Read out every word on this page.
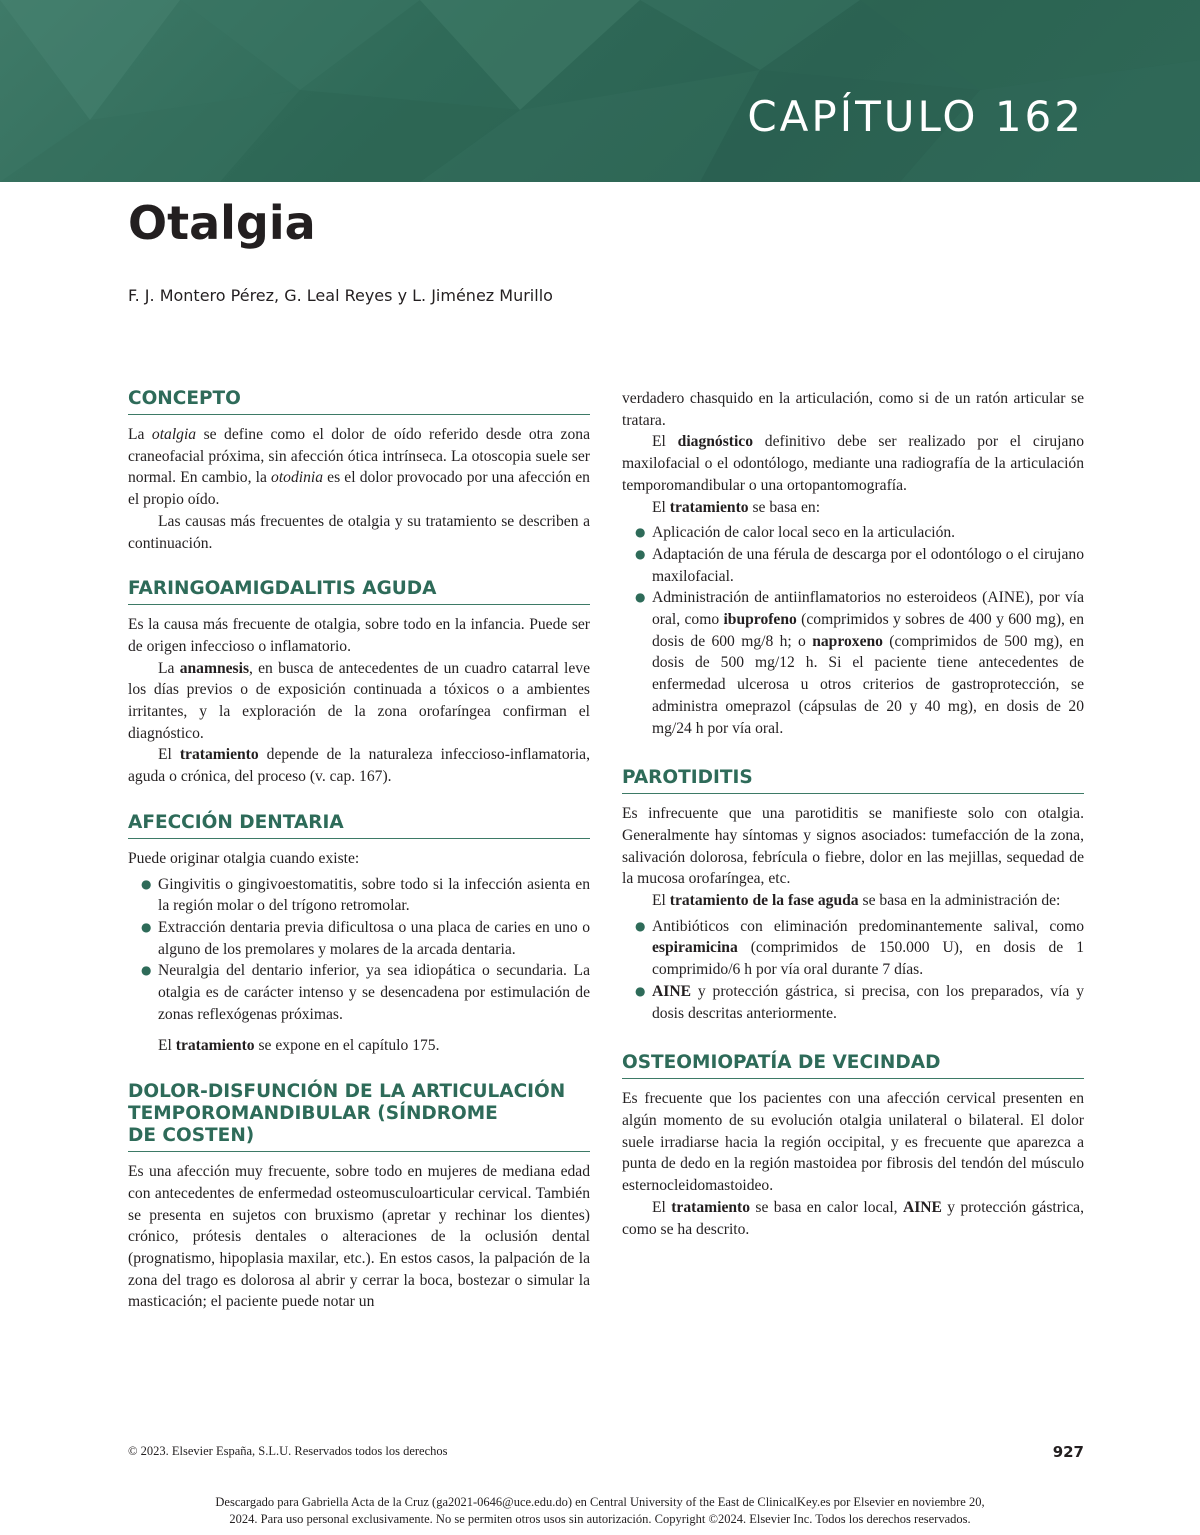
CAPÍTULO 162
Otalgia
F. J. Montero Pérez, G. Leal Reyes y L. Jiménez Murillo
CONCEPTO

La otalgia se define como el dolor de oído referido desde otra zona craneofacial próxima, sin afección ótica intrínseca. La otoscopia suele ser normal. En cambio, la otodinia es el dolor provocado por una afección en el propio oído.

Las causas más frecuentes de otalgia y su tratamiento se describen a continuación.

FARINGOAMIGDALITIS AGUDA

Es la causa más frecuente de otalgia, sobre todo en la infancia. Puede ser de origen infeccioso o inflamatorio.

La anamnesis, en busca de antecedentes de un cuadro catarral leve los días previos o de exposición continuada a tóxicos o a ambientes irritantes, y la exploración de la zona orofaríngea confirman el diagnóstico.

El tratamiento depende de la naturaleza infeccioso-inflamatoria, aguda o crónica, del proceso (v. cap. 167).

AFECCIÓN DENTARIA

Puede originar otalgia cuando existe:

● Gingivitis o gingivoestomatitis, sobre todo si la infección asienta en la región molar o del trígono retromolar.
● Extracción dentaria previa dificultosa o una placa de caries en uno o alguno de los premolares y molares de la arcada dentaria.
● Neuralgia del dentario inferior, ya sea idiopática o secundaria. La otalgia es de carácter intenso y se desencadena por estimulación de zonas reflexógenas próximas.

El tratamiento se expone en el capítulo 175.

DOLOR-DISFUNCIÓN DE LA ARTICULACIÓN
TEMPOROMANDIBULAR (SÍNDROME
DE COSTEN)

Es una afección muy frecuente, sobre todo en mujeres de mediana edad con antecedentes de enfermedad osteomusculoarticular cervical. También se presenta en sujetos con bruxismo (apretar y rechinar los dientes) crónico, prótesis dentales o alteraciones de la oclusión dental (prognatismo, hipoplasia maxilar, etc.). En estos casos, la palpación de la zona del trago es dolorosa al abrir y cerrar la boca, bostezar o simular la masticación; el paciente puede notar un

verdadero chasquido en la articulación, como si de un ratón articular se tratara.

El diagnóstico definitivo debe ser realizado por el cirujano maxilofacial o el odontólogo, mediante una radiografía de la articulación temporomandibular o una ortopantomografía.

El tratamiento se basa en:

● Aplicación de calor local seco en la articulación.
● Adaptación de una férula de descarga por el odontólogo o el cirujano maxilofacial.
● Administración de antiinflamatorios no esteroideos (AINE), por vía oral, como ibuprofeno (comprimidos y sobres de 400 y 600 mg), en dosis de 600 mg/8 h; o naproxeno (comprimidos de 500 mg), en dosis de 500 mg/12 h. Si el paciente tiene antecedentes de enfermedad ulcerosa u otros criterios de gastroprotección, se administra omeprazol (cápsulas de 20 y 40 mg), en dosis de 20 mg/24 h por vía oral.
PAROTIDITIS

Es infrecuente que una parotiditis se manifieste solo con otalgia. Generalmente hay síntomas y signos asociados: tumefacción de la zona, salivación dolorosa, febrícula o fiebre, dolor en las mejillas, sequedad de la mucosa orofaríngea, etc.

El tratamiento de la fase aguda se basa en la administración de:

● Antibióticos con eliminación predominantemente salival, como espiramicina (comprimidos de 150.000 U), en dosis de 1 comprimido/6 h por vía oral durante 7 días.
● AINE y protección gástrica, si precisa, con los preparados, vía y dosis descritas anteriormente.
OSTEOMIOPATÍA DE VECINDAD

Es frecuente que los pacientes con una afección cervical presenten en algún momento de su evolución otalgia unilateral o bilateral. El dolor suele irradiarse hacia la región occipital, y es frecuente que aparezca a punta de dedo en la región mastoidea por fibrosis del tendón del músculo esternocleidomastoideo.

El tratamiento se basa en calor local, AINE y protección gástrica, como se ha descrito.

© 2023. Elsevier España, S.L.U. Reservados todos los derechos	927
Descargado para Gabriella Acta de la Cruz (ga2021-0646@uce.edu.do) en Central University of the East de ClinicalKey.es por Elsevier en noviembre 20,
2024. Para uso personal exclusivamente. No se permiten otros usos sin autorización. Copyright ©2024. Elsevier Inc. Todos los derechos reservados.
